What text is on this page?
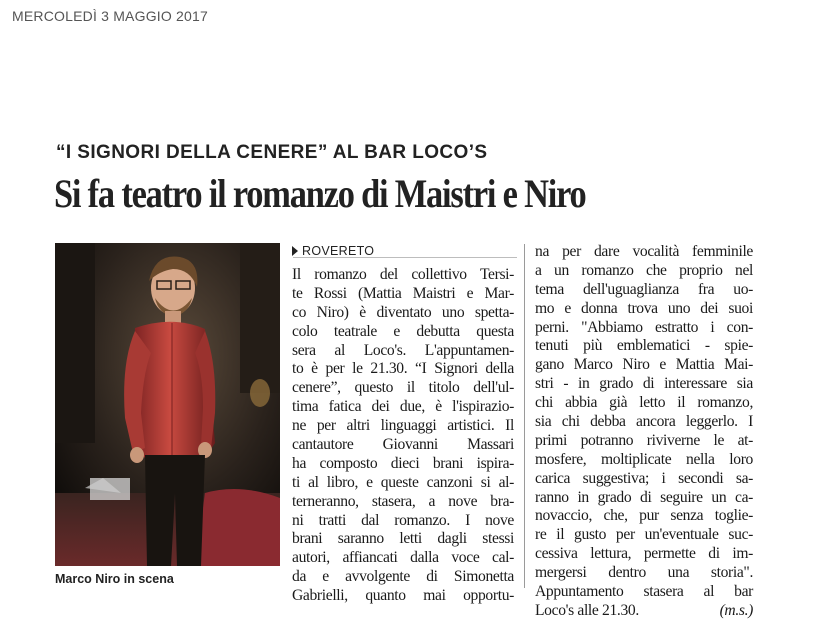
MERCOLEDÌ 3 MAGGIO 2017
“I SIGNORI DELLA CENERE” AL BAR LOCO’S
Si fa teatro il romanzo di Maistri e Niro
Marco Niro in scena
ROVERETO
Il romanzo del collettivo Tersi-
te Rossi (Mattia Maistri e Mar-
co Niro) è diventato uno spetta-
colo teatrale e debutta questa
sera al Loco's. L'appuntamen-
to è per le 21.30. “I Signori della
cenere”, questo il titolo dell'ul-
tima fatica dei due, è l'ispirazio-
ne per altri linguaggi artistici. Il
cantautore Giovanni Massari
ha composto dieci brani ispira-
ti al libro, e queste canzoni si al-
terneranno, stasera, a nove bra-
ni tratti dal romanzo. I nove
brani saranno letti dagli stessi
autori, affiancati dalla voce cal-
da e avvolgente di Simonetta
Gabrielli, quanto mai opportu-
na per dare vocalità femminile
a un romanzo che proprio nel
tema dell'uguaglianza fra uo-
mo e donna trova uno dei suoi
perni. "Abbiamo estratto i con-
tenuti più emblematici - spie-
gano Marco Niro e Mattia Mai-
stri - in grado di interessare sia
chi abbia già letto il romanzo,
sia chi debba ancora leggerlo. I
primi potranno riviverne le at-
mosfere, moltiplicate nella loro
carica suggestiva; i secondi sa-
ranno in grado di seguire un ca-
novaccio, che, pur senza toglie-
re il gusto per un'eventuale suc-
cessiva lettura, permette di im-
mergersi dentro una storia".
Appuntamento stasera al bar
Loco's alle 21.30.	(m.s.)
